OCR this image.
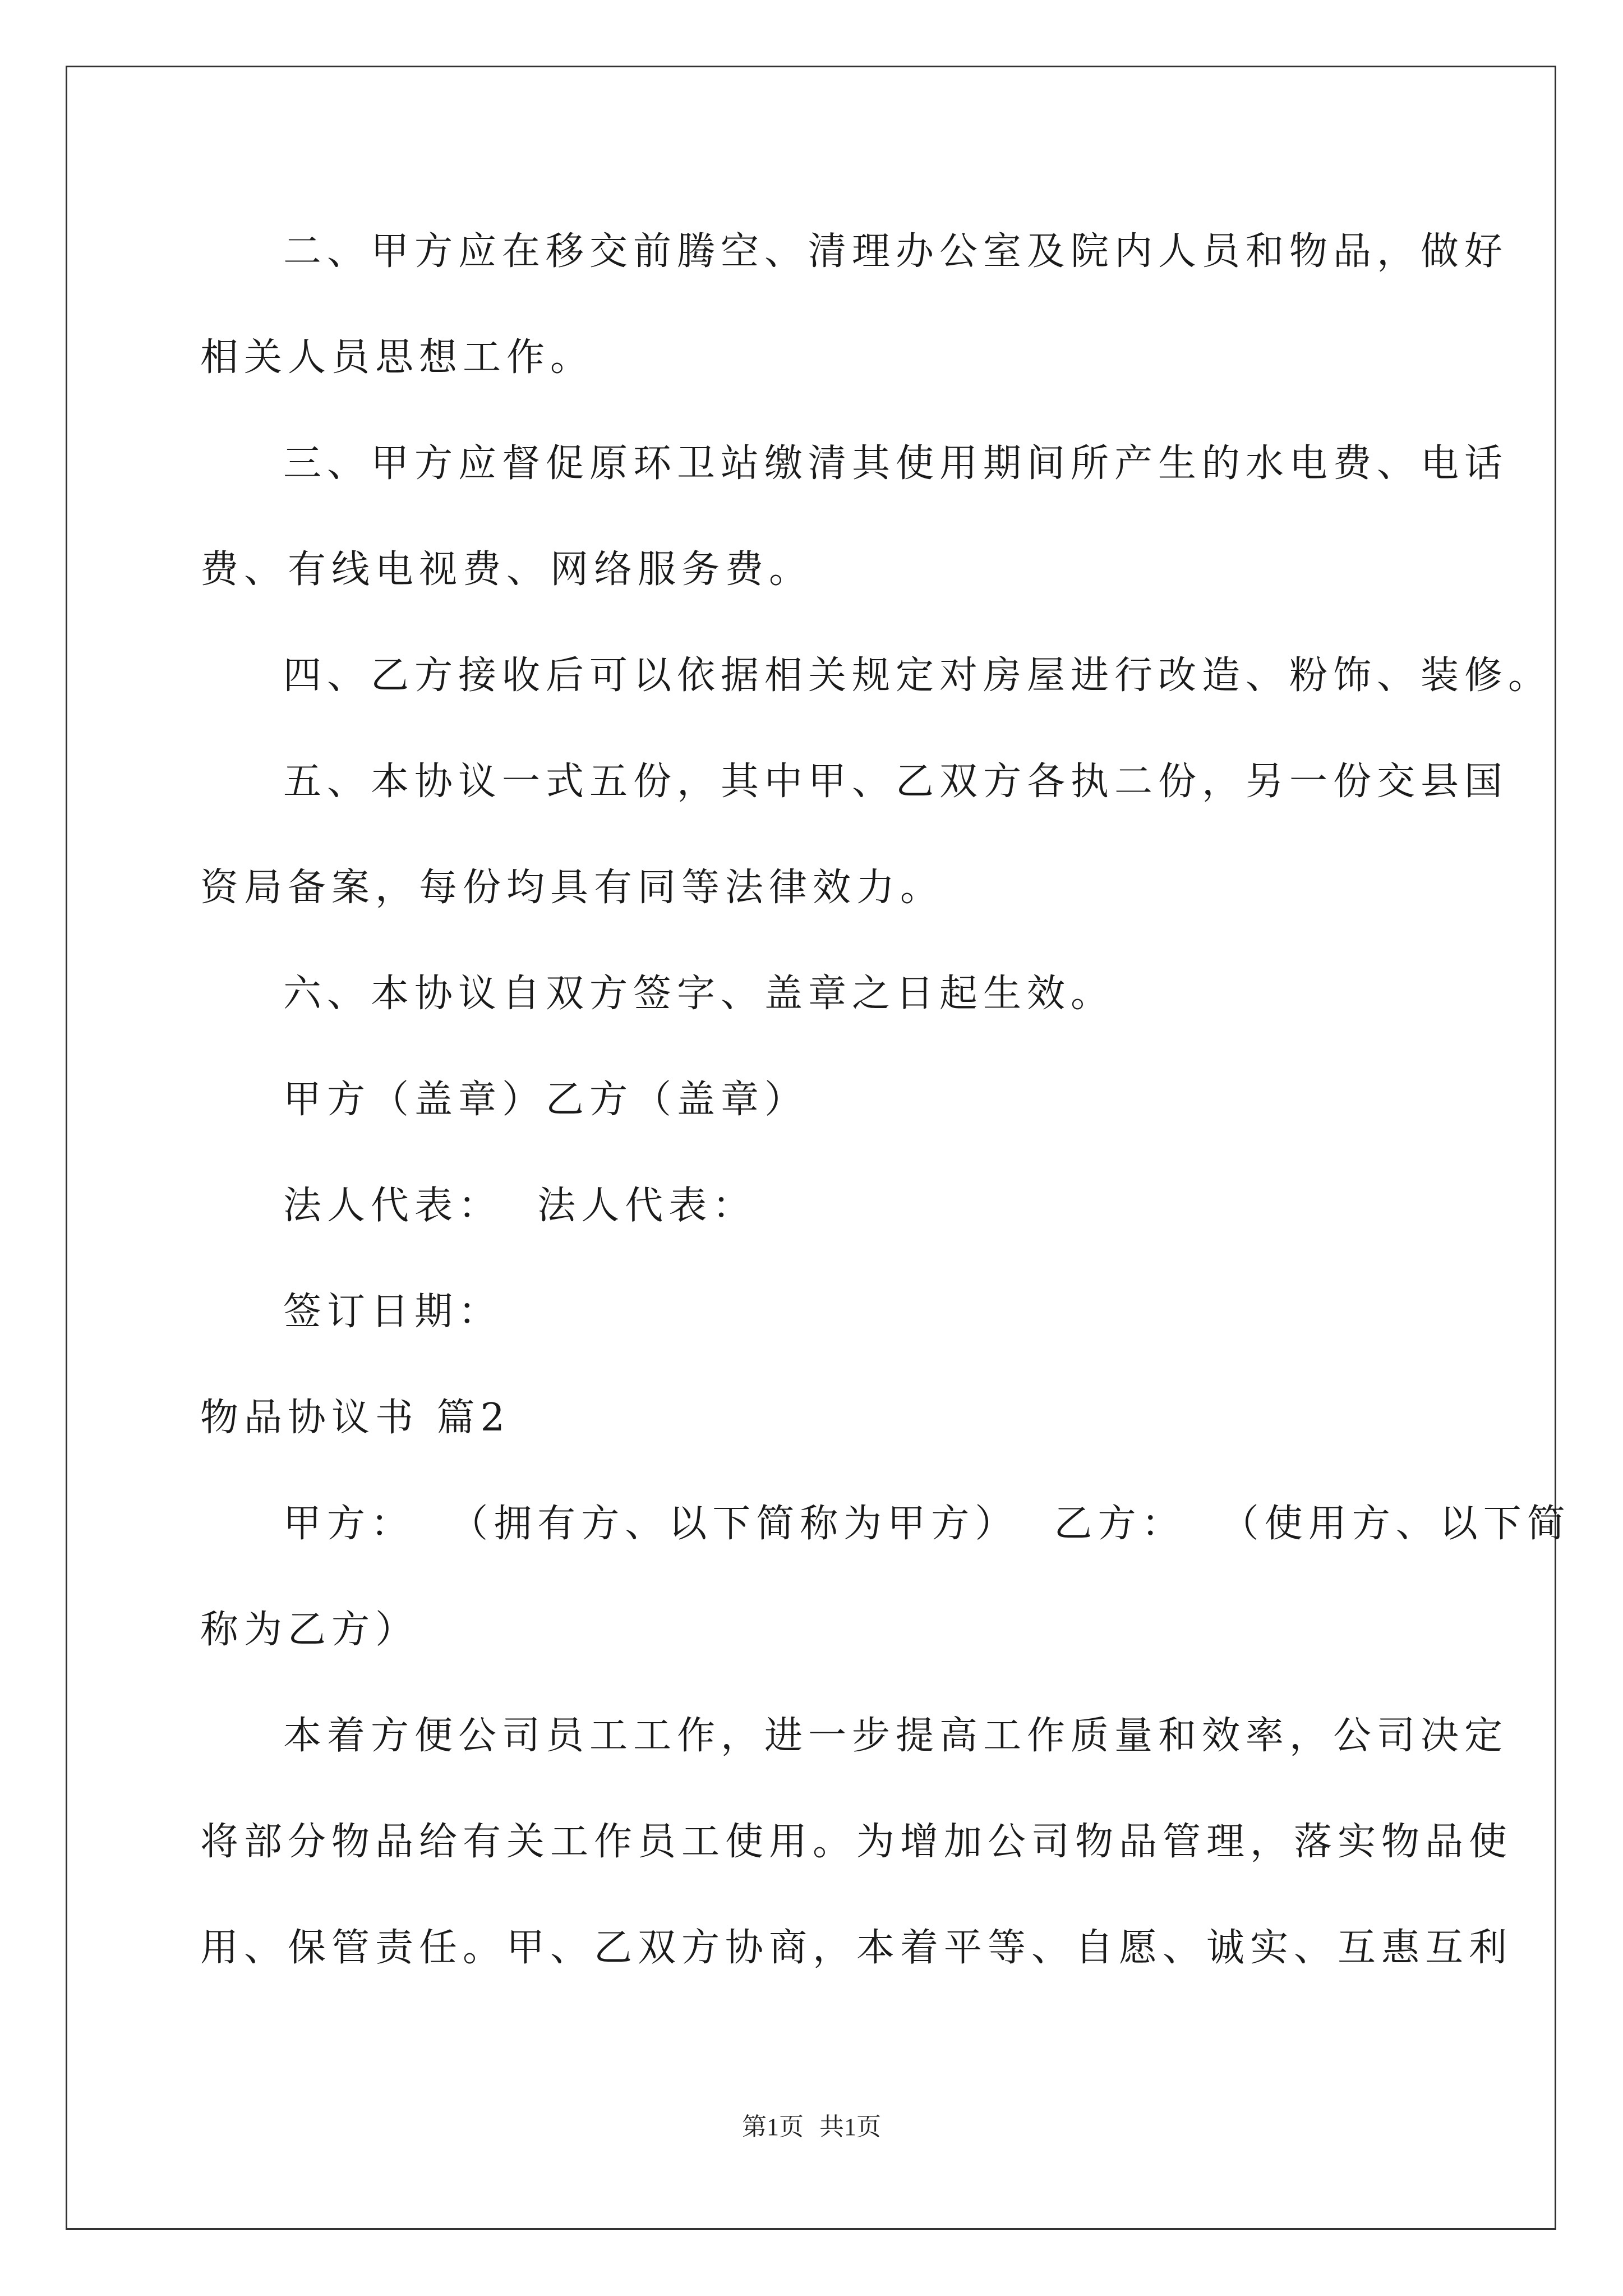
二、甲方应在移交前腾空、清理办公室及院内人员和物品，做好
相关人员思想工作。

三、甲方应督促原环卫站缴清其使用期间所产生的水电费、电话
费、有线电视费、网络服务费。

四、乙方接收后可以依据相关规定对房屋进行改造、粉饰、装修。

五、本协议一式五份，其中甲、乙双方各执二份，另一份交县国
资局备案，每份均具有同等法律效力。

六、本协议自双方签字、盖章之日起生效。

甲方（盖章）乙方（盖章）

法人代表：  法人代表：

签订日期：

物品协议书 篇2

甲方：  （拥有方、以下简称为甲方）  乙方：  （使用方、以下简
称为乙方）

本着方便公司员工工作，进一步提高工作质量和效率，公司决定
将部分物品给有关工作员工使用。为增加公司物品管理，落实物品使
用、保管责任。甲、乙双方协商，本着平等、自愿、诚实、互惠互利

第1页 共1页
